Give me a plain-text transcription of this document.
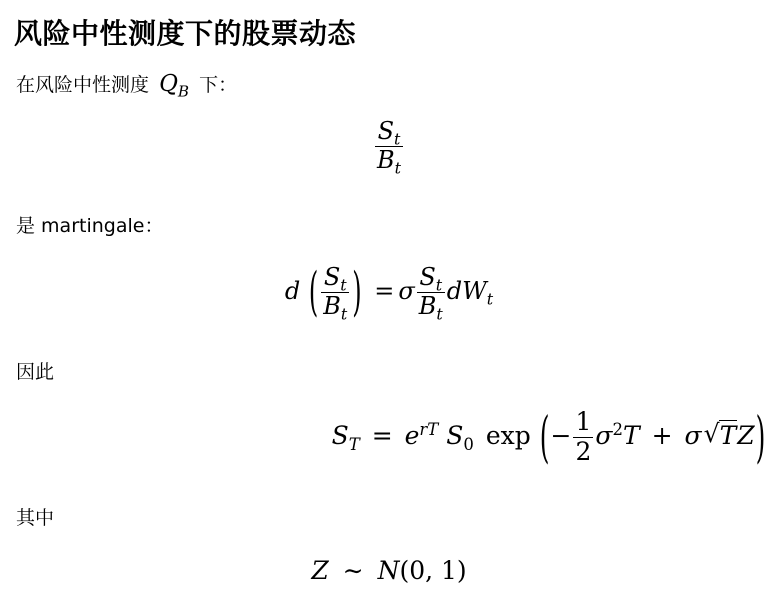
风险中性测度下的股票动态
在风险中性测度 $Q_B$ 下：
$\frac{S_t}{B_t}$
是 martingale：
d ( $\frac{S_t}{B_t}$ ) = σ $\frac{S_t}{B_t} dW_t$
因此
$S_T = e^{rT}$ $S_0$ exp (− $\frac{1}{2} \sigma^2T + \sigma$ √ TZ)
其中
Z ∼ N(0, 1)
